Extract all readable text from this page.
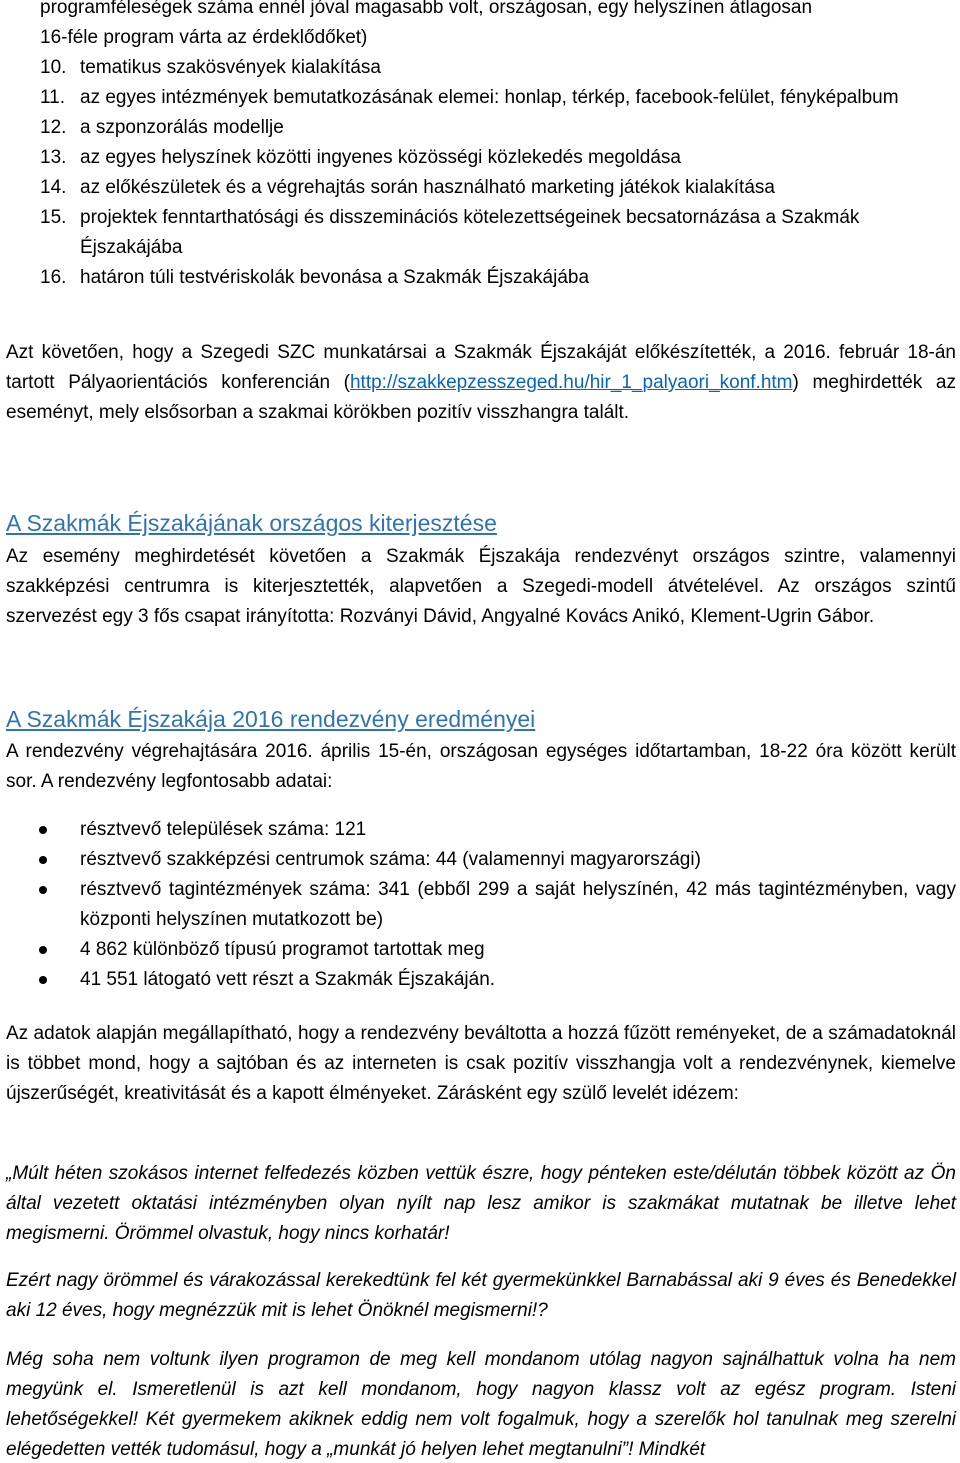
programféleségek száma ennél jóval magasabb volt, országosan, egy helyszínen átlagosan
16-féle program várta az érdeklődőket)
10. tematikus szakösvények kialakítása
11. az egyes intézmények bemutatkozásának elemei: honlap, térkép, facebook-felület, fényképalbum
12. a szponzorálás modellje
13. az egyes helyszínek közötti ingyenes közösségi közlekedés megoldása
14. az előkészületek és a végrehajtás során használható marketing játékok kialakítása
15. projektek fenntarthatósági és disszeminációs kötelezettségeinek becsatornázása a Szakmák Éjszakájába
16. határon túli testvériskolák bevonása a Szakmák Éjszakájába

Azt követően, hogy a Szegedi SZC munkatársai a Szakmák Éjszakáját előkészítették, a 2016. február 18-án tartott Pályaorientációs konferencián (http://szakkepzesszeged.hu/hir_1_palyaori_konf.htm) meghirdették az eseményt, mely elsősorban a szakmai körökben pozitív visszhangra talált.

A Szakmák Éjszakájának országos kiterjesztése

Az esemény meghirdetését követően a Szakmák Éjszakája rendezvényt országos szintre, valamennyi szakképzési centrumra is kiterjesztették, alapvetően a Szegedi-modell átvételével. Az országos szintű szervezést egy 3 fős csapat irányította: Rozványi Dávid, Angyalné Kovács Anikó, Klement-Ugrin Gábor.

A Szakmák Éjszakája 2016 rendezvény eredményei

A rendezvény végrehajtására 2016. április 15-én, országosan egységes időtartamban, 18-22 óra között került sor. A rendezvény legfontosabb adatai:

résztvevő települések száma: 121
résztvevő szakképzési centrumok száma: 44 (valamennyi magyarországi)
résztvevő tagintézmények száma: 341 (ebből 299 a saját helyszínén, 42 más tagintézményben, vagy központi helyszínen mutatkozott be)
4 862 különböző típusú programot tartottak meg
41 551 látogató vett részt a Szakmák Éjszakáján.

Az adatok alapján megállapítható, hogy a rendezvény beváltotta a hozzá fűzött reményeket, de a számadatoknál is többet mond, hogy a sajtóban és az interneten is csak pozitív visszhangja volt a rendezvénynek, kiemelve újszerűségét, kreativitását és a kapott élményeket. Zárásként egy szülő levelét idézem:

„Múlt héten szokásos internet felfedezés közben vettük észre, hogy pénteken este/délután többek között az Ön által vezetett oktatási intézményben olyan nyílt nap lesz amikor is szakmákat mutatnak be illetve lehet megismerni. Örömmel olvastuk, hogy nincs korhatár!

Ezért nagy örömmel és várakozással kerekedtünk fel két gyermekünkkel Barnabással aki 9 éves és Benedekkel aki 12 éves, hogy megnézzük mit is lehet Önöknél megismerni!?

Még soha nem voltunk ilyen programon de meg kell mondanom utólag nagyon sajnálhattuk volna ha nem megyünk el. Ismeretlenül is azt kell mondanom, hogy nagyon klassz volt az egész program. Isteni lehetőségekkel! Két gyermekem akiknek eddig nem volt fogalmuk, hogy a szerelők hol tanulnak meg szerelni elégedetten vették tudomásul, hogy a „munkát jó helyen lehet megtanulni”! Mindkét
